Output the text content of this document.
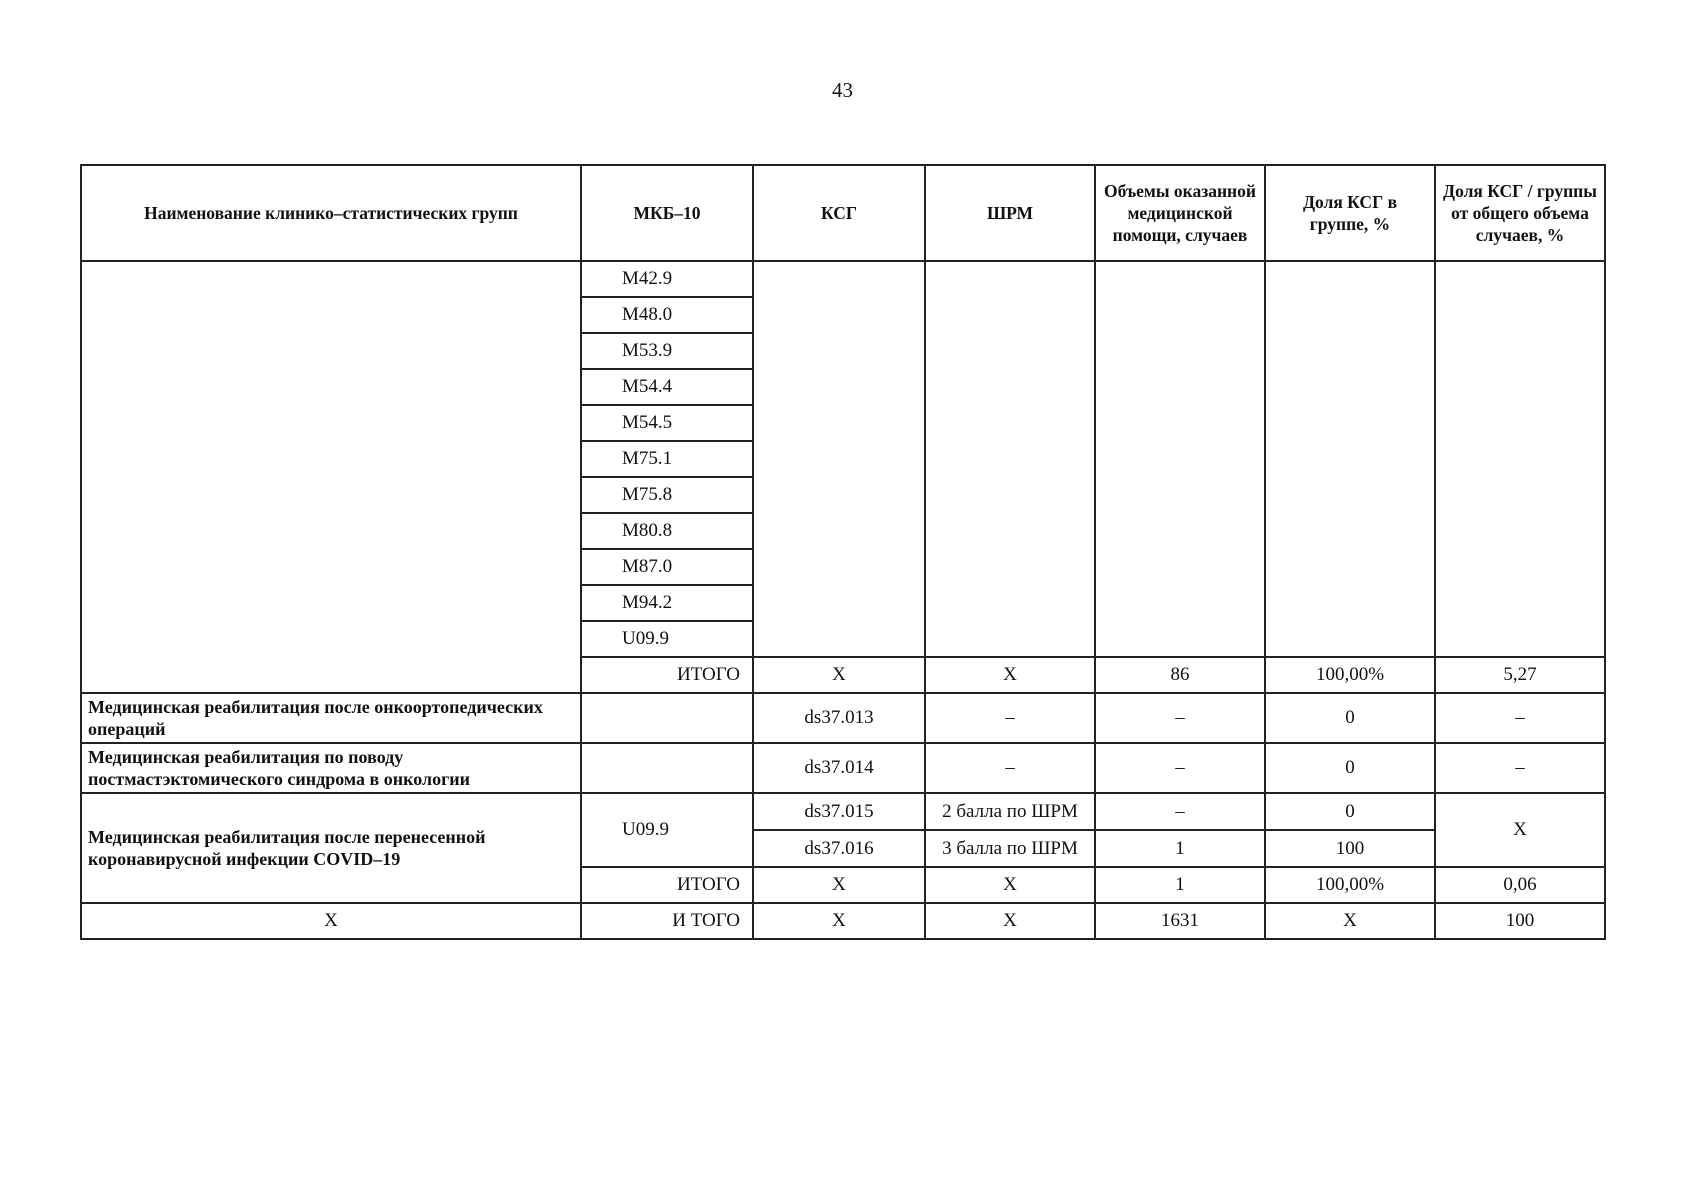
43
Наименование клинико–статистических групп	МКБ–10	КСГ	ШРМ	Объемы оказанной медицинской помощи, случаев	Доля КСГ в группе, %	Доля КСГ / группы от общего объема случаев, %
	M42.9					
	M48.0					
	M53.9					
	M54.4					
	M54.5					
	M75.1					
	M75.8					
	M80.8					
	M87.0					
	M94.2					
	U09.9					
	ИТОГО	Х	Х	86	100,00%	5,27
Медицинская реабилитация после онкоортопедических операций		ds37.013	–	–	0	–
Медицинская реабилитация по поводу постмастэктомического синдрома в онкологии		ds37.014	–	–	0	–
Медицинская реабилитация после перенесенной коронавирусной инфекции COVID–19	U09.9	ds37.015	2 балла по ШРМ	–	0	Х
		ds37.016	3 балла по ШРМ	1	100	
	ИТОГО	Х	Х	1	100,00%	0,06
Х	И ТОГО	Х	Х	1631	Х	100
